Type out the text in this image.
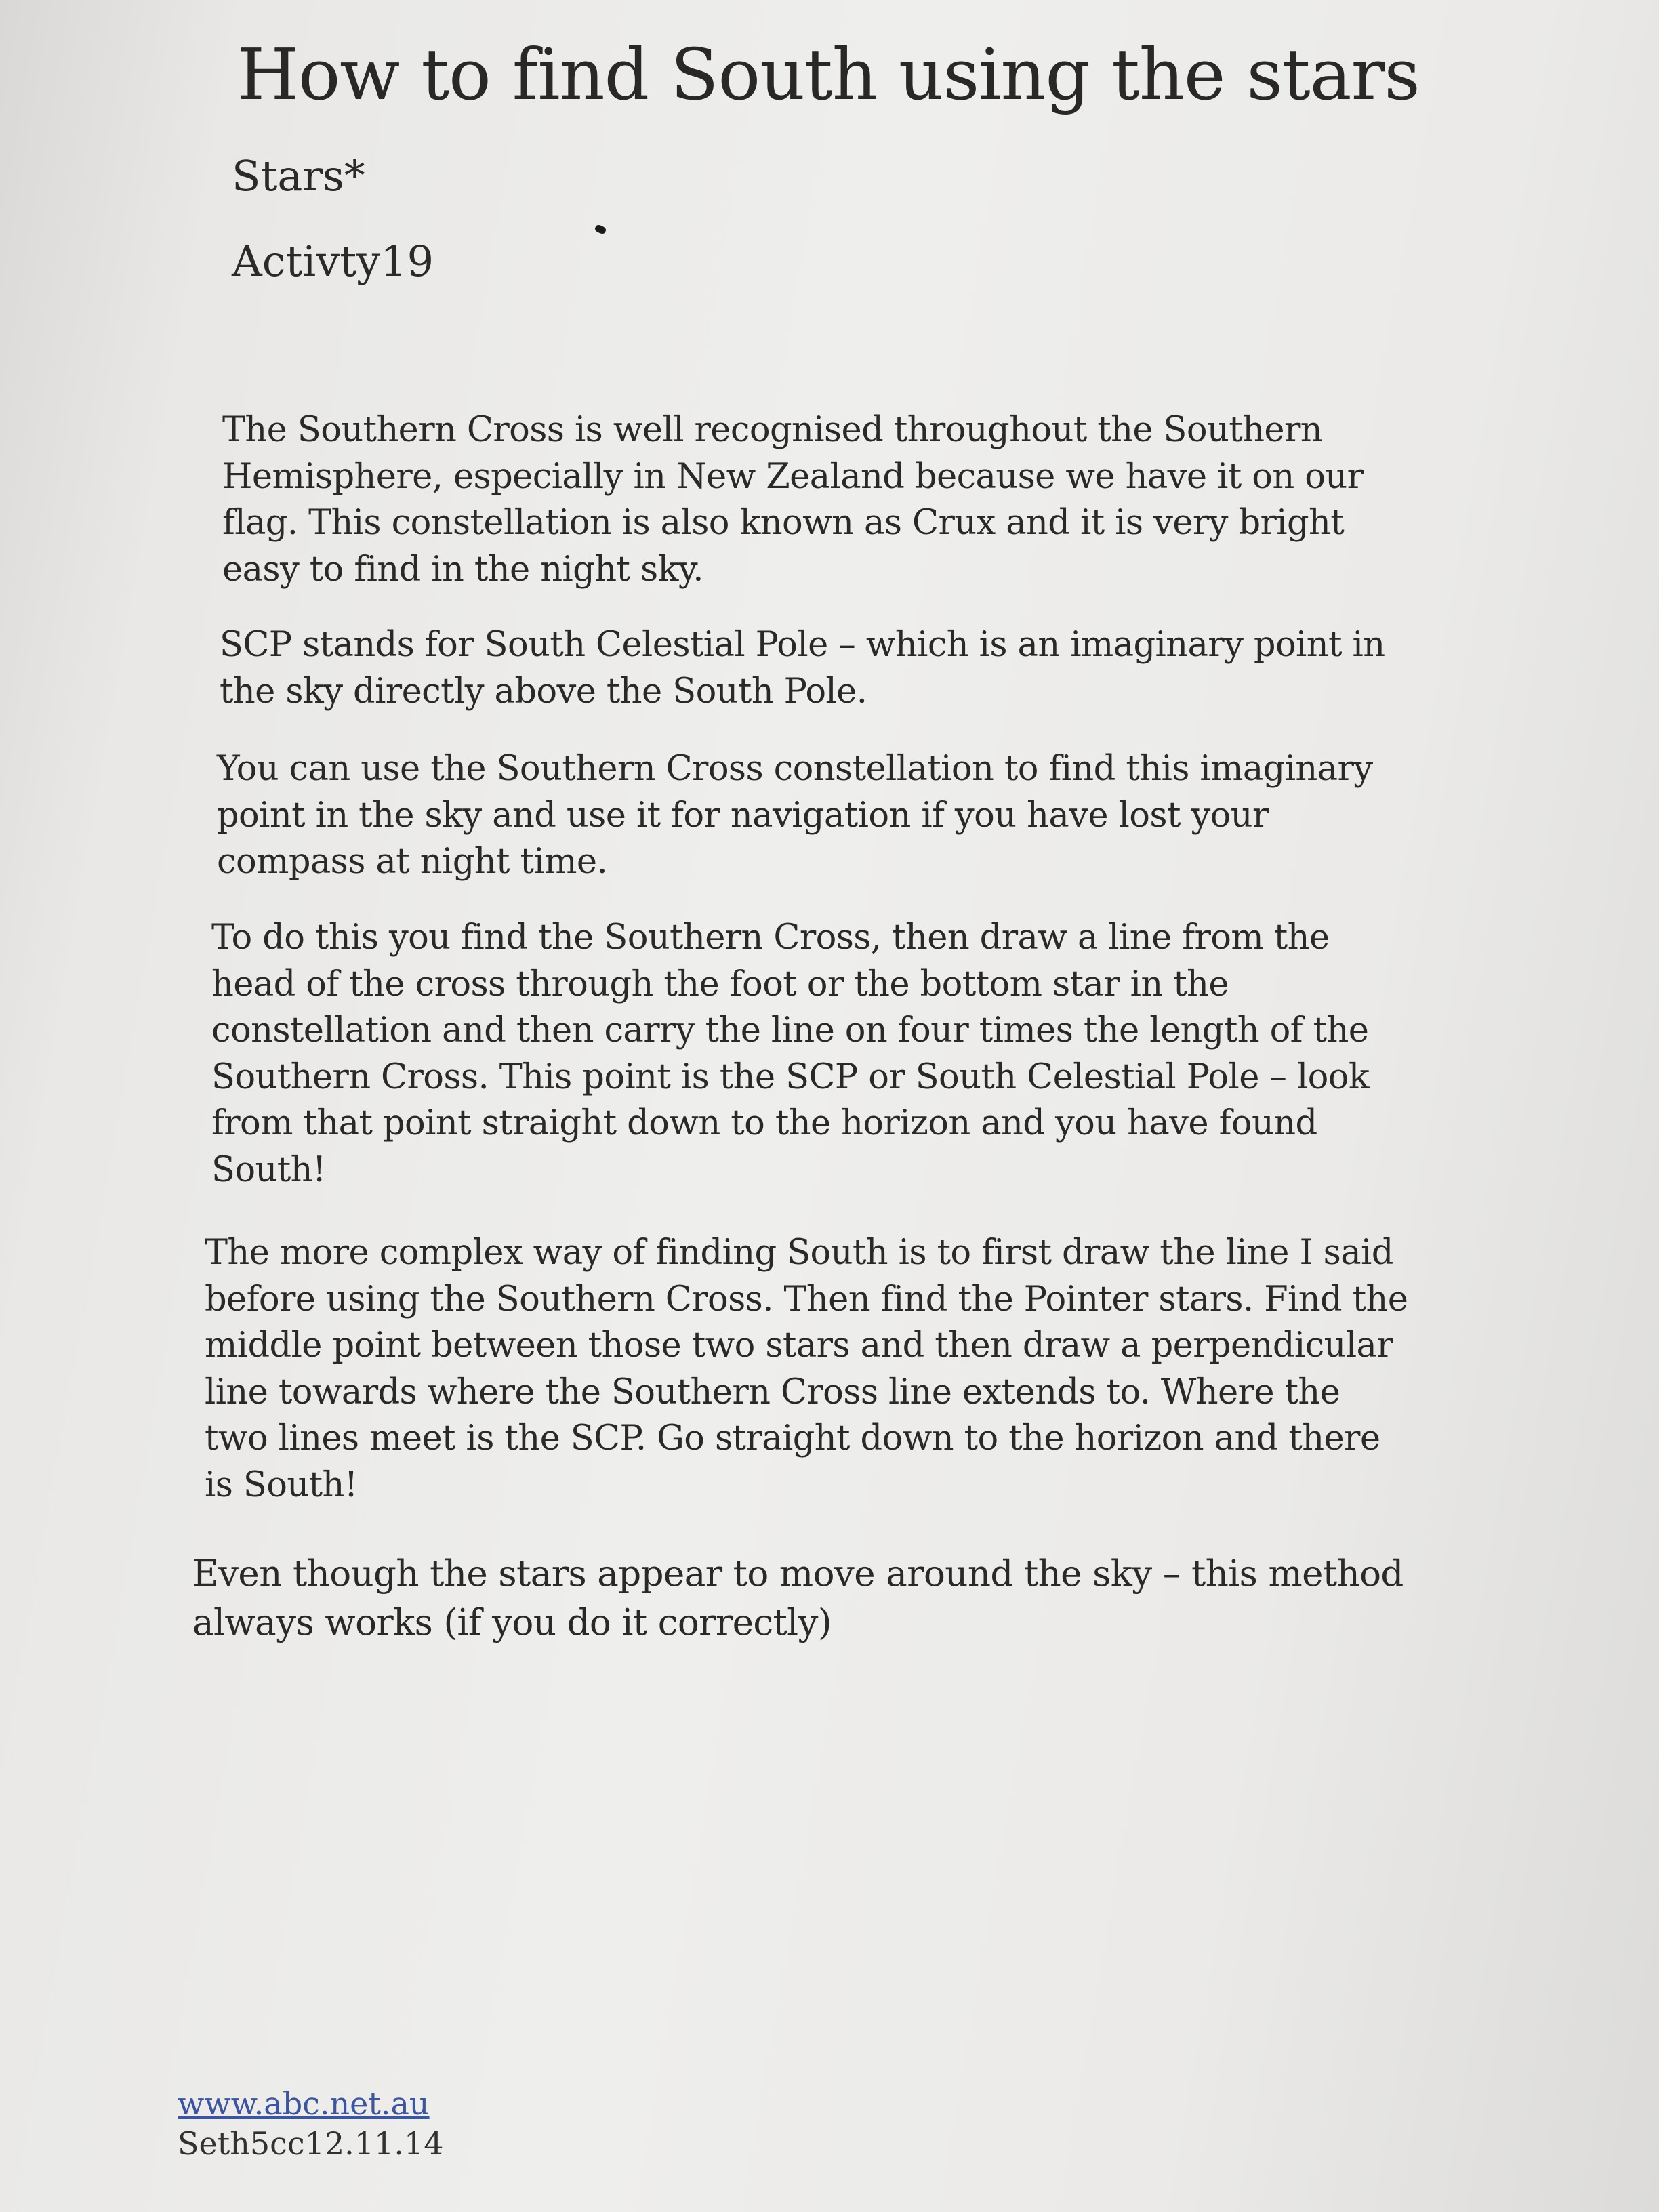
How to find South using the stars
Stars*
Activty19
The Southern Cross is well recognised throughout the Southern
Hemisphere, especially in New Zealand because we have it on our
flag. This constellation is also known as Crux and it is very bright
easy to find in the night sky.
SCP stands for South Celestial Pole – which is an imaginary point in
the sky directly above the South Pole.
You can use the Southern Cross constellation to find this imaginary
point in the sky and use it for navigation if you have lost your
compass at night time.
To do this you find the Southern Cross, then draw a line from the
head of the cross through the foot or the bottom star in the
constellation and then carry the line on four times the length of the
Southern Cross. This point is the SCP or South Celestial Pole – look
from that point straight down to the horizon and you have found
South!
The more complex way of finding South is to first draw the line I said
before using the Southern Cross. Then find the Pointer stars. Find the
middle point between those two stars and then draw a perpendicular
line towards where the Southern Cross line extends to. Where the
two lines meet is the SCP. Go straight down to the horizon and there
is South!
Even though the stars appear to move around the sky – this method
always works (if you do it correctly)
www.abc.net.au
Seth5cc12.11.14
